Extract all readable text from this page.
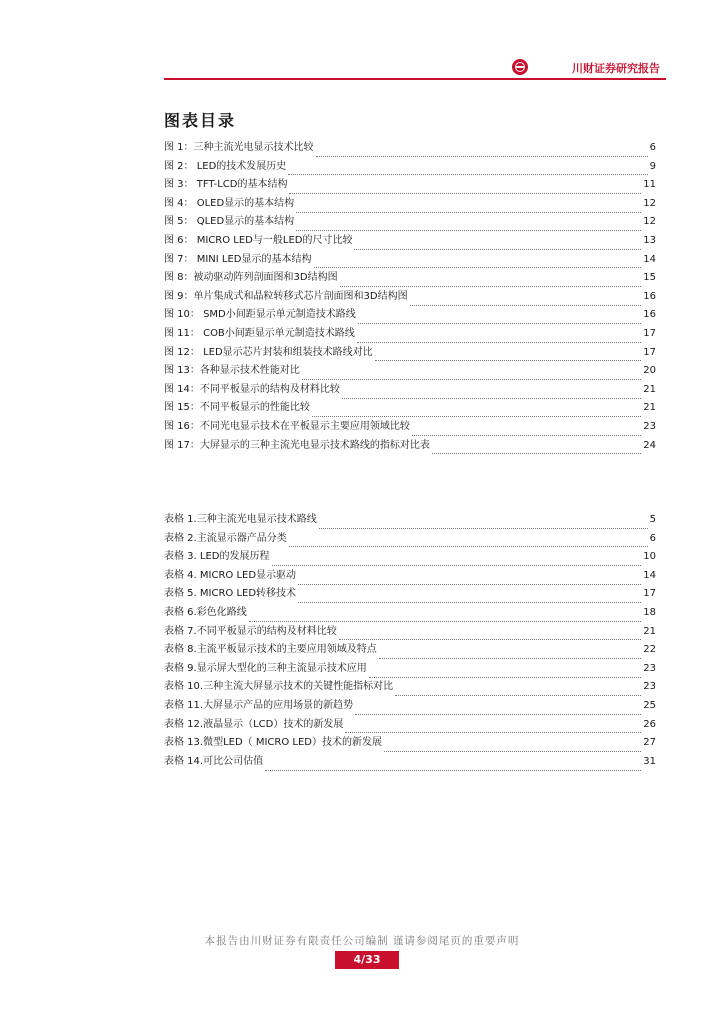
川财证券研究报告
图表目录
图 1：三种主流光电显示技术比较	6
图 2： LED的技术发展历史	9
图 3： TFT-LCD的基本结构	11
图 4： OLED显示的基本结构	12
图 5： QLED显示的基本结构	12
图 6： MICRO LED与一般LED的尺寸比较	13
图 7： MINI LED显示的基本结构	14
图 8：被动驱动阵列剖面图和3D结构图	15
图 9：单片集成式和晶粒转移式芯片剖面图和3D结构图	16
图 10： SMD小间距显示单元制造技术路线	16
图 11： COB小间距显示单元制造技术路线	17
图 12： LED显示芯片封装和组装技术路线对比	17
图 13：各种显示技术性能对比	20
图 14：不同平板显示的结构及材料比较	21
图 15：不同平板显示的性能比较	21
图 16：不同光电显示技术在平板显示主要应用领域比较	23
图 17：大屏显示的三种主流光电显示技术路线的指标对比表	24
表格 1.三种主流光电显示技术路线	5
表格 2.主流显示器产品分类	6
表格 3. LED的发展历程	10
表格 4. MICRO LED显示驱动	14
表格 5. MICRO LED转移技术	17
表格 6.彩色化路线	18
表格 7.不同平板显示的结构及材料比较	21
表格 8.主流平板显示技术的主要应用领域及特点	22
表格 9.显示屏大型化的三种主流显示技术应用	23
表格 10.三种主流大屏显示技术的关键性能指标对比	23
表格 11.大屏显示产品的应用场景的新趋势	25
表格 12.液晶显示（LCD）技术的新发展	26
表格 13.微型LED（ MICRO LED）技术的新发展	27
表格 14.可比公司估值	31
本报告由川财证券有限责任公司编制 谨请参阅尾页的重要声明
4/33
